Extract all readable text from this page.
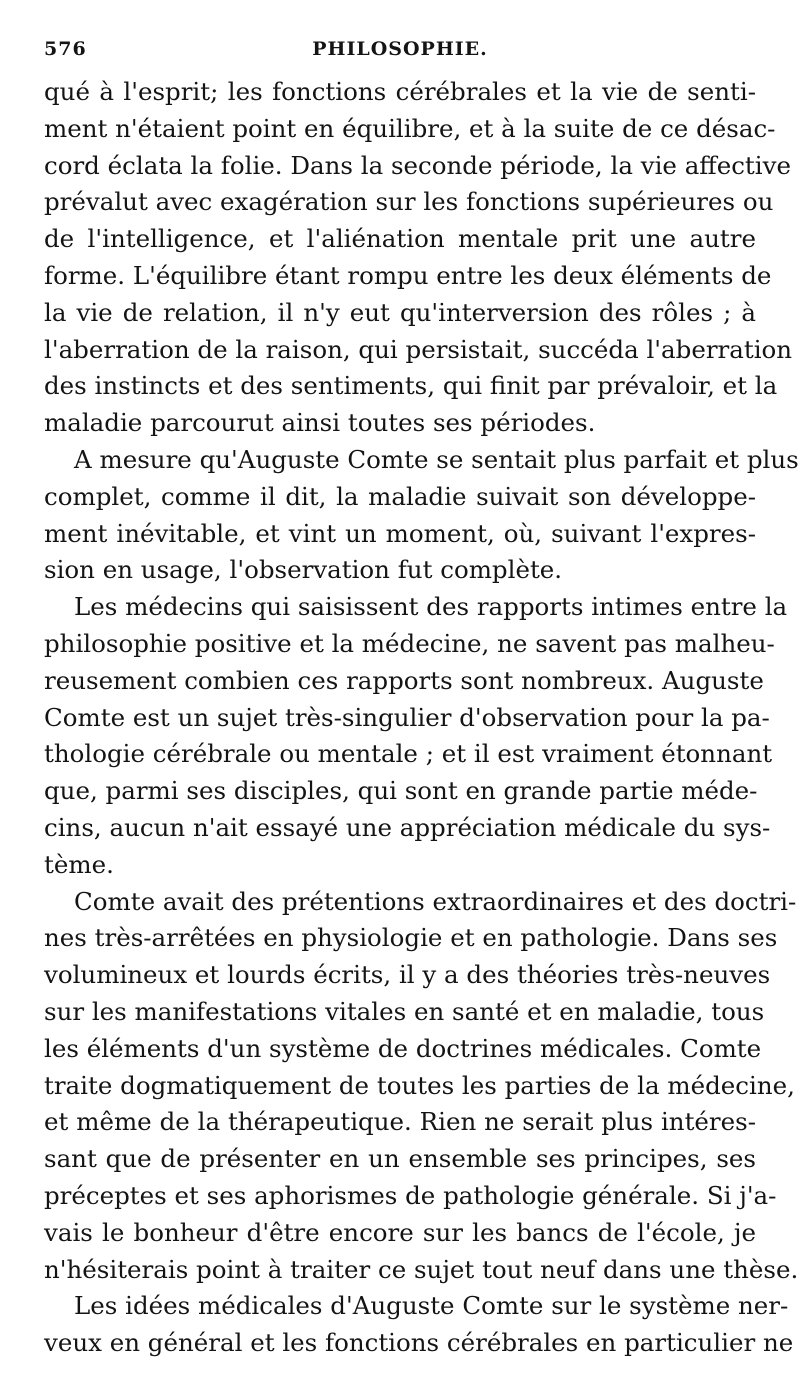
576	PHILOSOPHIE.

qué à l'esprit; les fonctions cérébrales et la vie de senti-
ment n'étaient point en équilibre, et à la suite de ce désac-
cord éclata la folie. Dans la seconde période, la vie affective
prévalut avec exagération sur les fonctions supérieures ou
de l'intelligence, et l'aliénation mentale prit une autre
forme. L'équilibre étant rompu entre les deux éléments de
la vie de relation, il n'y eut qu'interversion des rôles ; à
l'aberration de la raison, qui persistait, succéda l'aberration
des instincts et des sentiments, qui finit par prévaloir, et la
maladie parcourut ainsi toutes ses périodes.

A mesure qu'Auguste Comte se sentait plus parfait et plus
complet, comme il dit, la maladie suivait son développe-
ment inévitable, et vint un moment, où, suivant l'expres-
sion en usage, l'observation fut complète.

Les médecins qui saisissent des rapports intimes entre la
philosophie positive et la médecine, ne savent pas malheu-
reusement combien ces rapports sont nombreux. Auguste
Comte est un sujet très-singulier d'observation pour la pa-
thologie cérébrale ou mentale ; et il est vraiment étonnant
que, parmi ses disciples, qui sont en grande partie méde-
cins, aucun n'ait essayé une appréciation médicale du sys-
tème.

Comte avait des prétentions extraordinaires et des doctri-
nes très-arrêtées en physiologie et en pathologie. Dans ses
volumineux et lourds écrits, il y a des théories très-neuves
sur les manifestations vitales en santé et en maladie, tous
les éléments d'un système de doctrines médicales. Comte
traite dogmatiquement de toutes les parties de la médecine,
et même de la thérapeutique. Rien ne serait plus intéres-
sant que de présenter en un ensemble ses principes, ses
préceptes et ses aphorismes de pathologie générale. Si j'a-
vais le bonheur d'être encore sur les bancs de l'école, je
n'hésiterais point à traiter ce sujet tout neuf dans une thèse.

Les idées médicales d'Auguste Comte sur le système ner-
veux en général et les fonctions cérébrales en particulier ne
